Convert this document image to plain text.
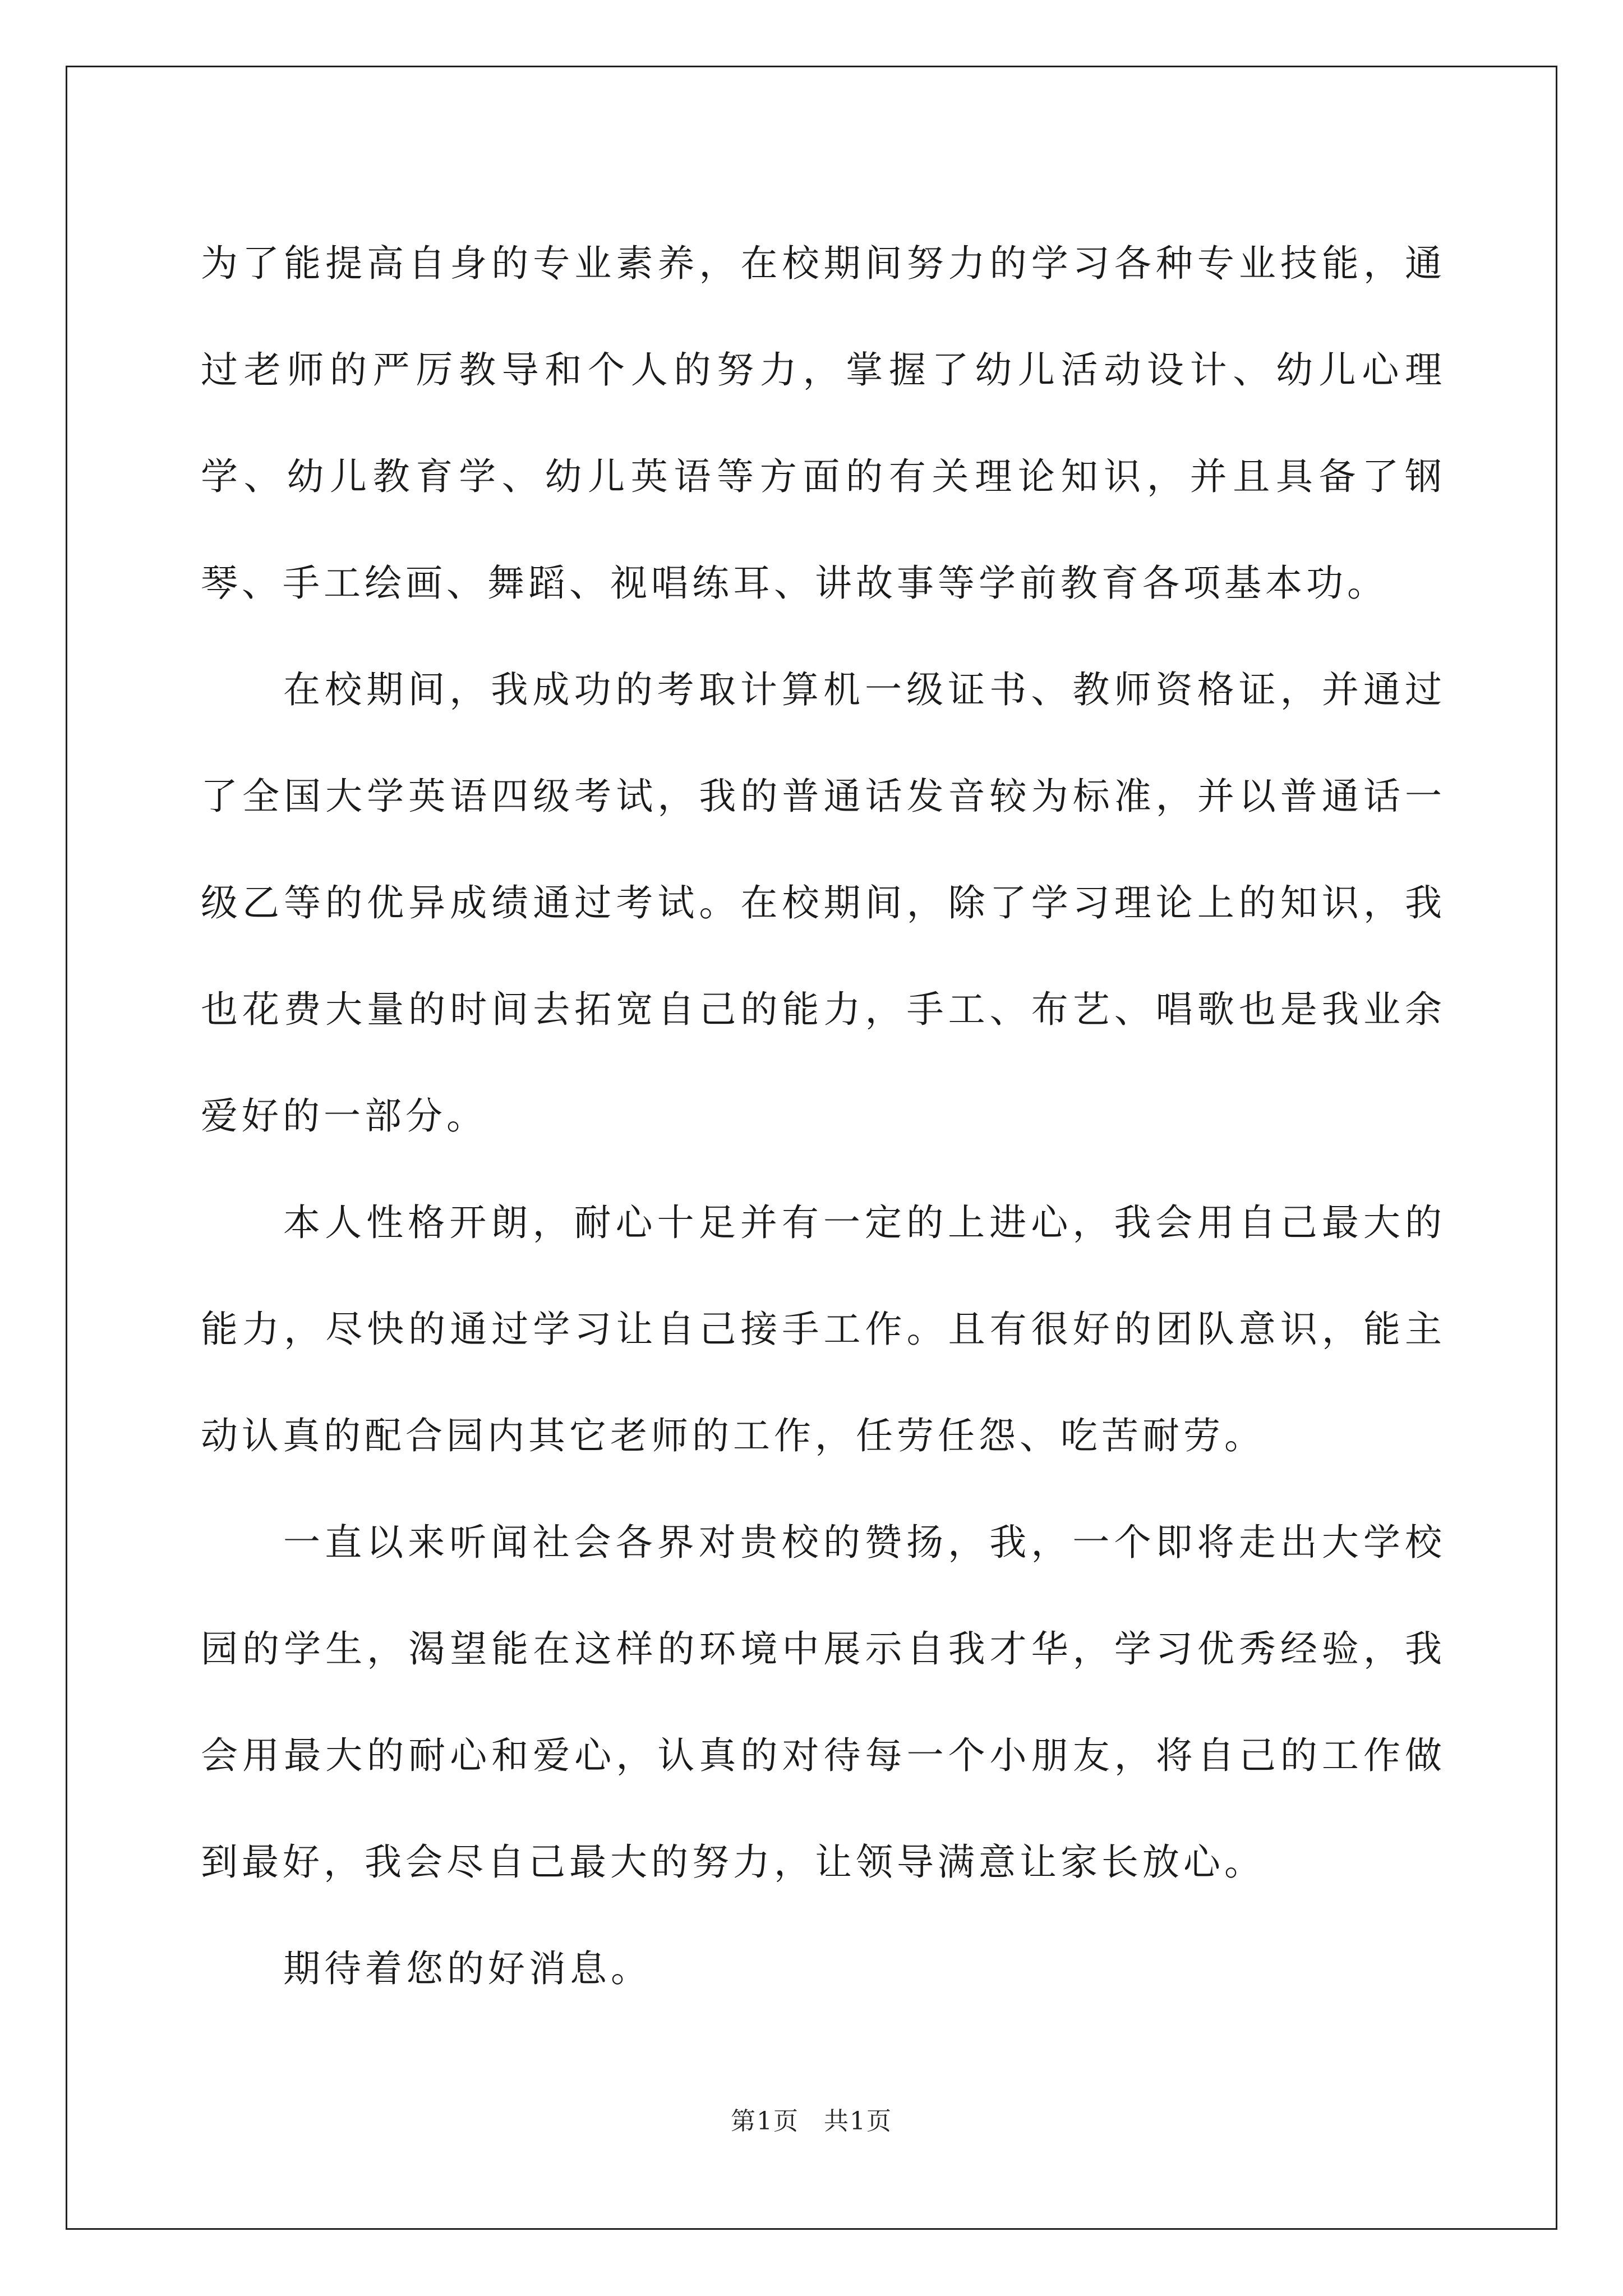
为了能提高自身的专业素养，在校期间努力的学习各种专业技能，通过老师的严厉教导和个人的努力，掌握了幼儿活动设计、幼儿心理学、幼儿教育学、幼儿英语等方面的有关理论知识，并且具备了钢琴、手工绘画、舞蹈、视唱练耳、讲故事等学前教育各项基本功。

在校期间，我成功的考取计算机一级证书、教师资格证，并通过了全国大学英语四级考试，我的普通话发音较为标准，并以普通话一级乙等的优异成绩通过考试。在校期间，除了学习理论上的知识，我也花费大量的时间去拓宽自己的能力，手工、布艺、唱歌也是我业余爱好的一部分。

本人性格开朗，耐心十足并有一定的上进心，我会用自己最大的能力，尽快的通过学习让自己接手工作。且有很好的团队意识，能主动认真的配合园内其它老师的工作，任劳任怨、吃苦耐劳。

一直以来听闻社会各界对贵校的赞扬，我，一个即将走出大学校园的学生，渴望能在这样的环境中展示自我才华，学习优秀经验，我会用最大的耐心和爱心，认真的对待每一个小朋友，将自己的工作做到最好，我会尽自己最大的努力，让领导满意让家长放心。

期待着您的好消息。

第1页 共1页
